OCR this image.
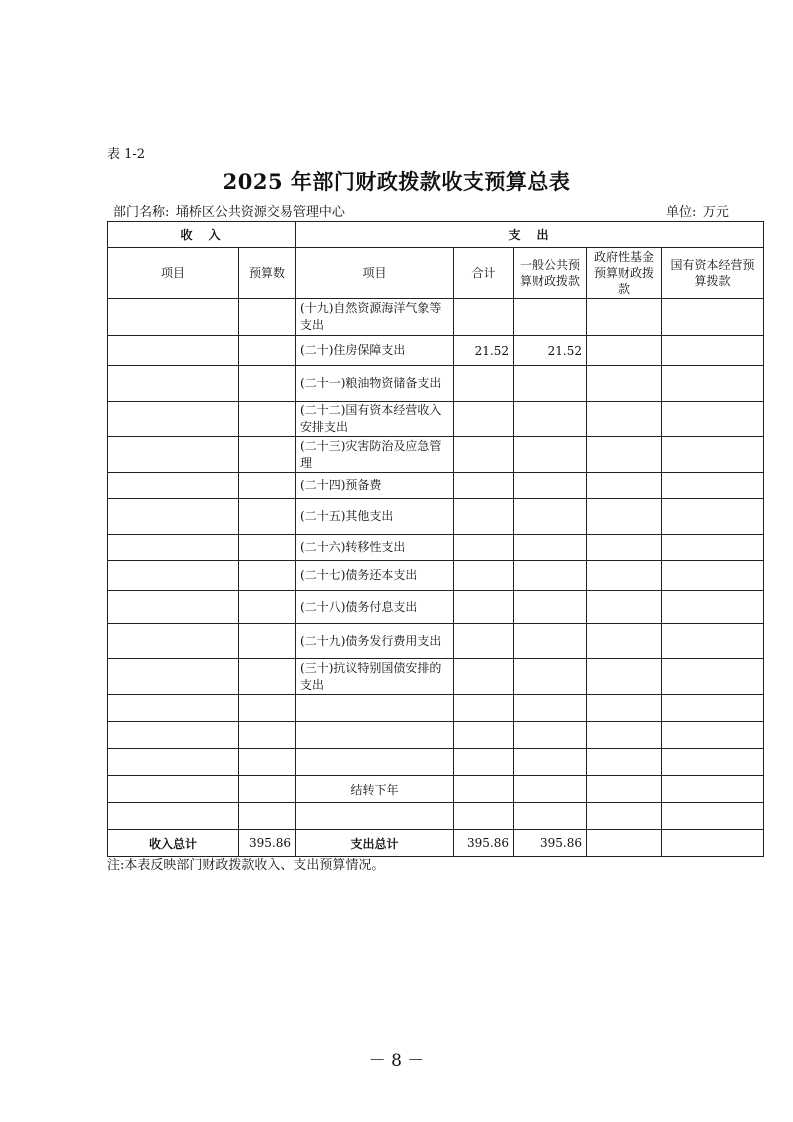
表 1-2
2025 年部门财政拨款收支预算总表
部门名称:  埇桥区公共资源交易管理中心	单位:  万元
收　入		支　出				
项目	预算数	项目	合计	一般公共预算财政拨款	政府性基金预算财政拨款	国有资本经营预算拨款
		(十九)自然资源海洋气象等支出				
		(二十)住房保障支出	21.52	21.52		
		(二十一)粮油物资储备支出				
		(二十二)国有资本经营收入安排支出				
		(二十三)灾害防治及应急管理				
		(二十四)预备费				
		(二十五)其他支出				
		(二十六)转移性支出				
		(二十七)债务还本支出				
		(二十八)债务付息支出				
		(二十九)债务发行费用支出				
		(三十)抗议特别国债安排的支出				

		结转下年				

收入总计	395.86	支出总计	395.86	395.86		
注:本表反映部门财政拨款收入、支出预算情况。
－ 8 －
